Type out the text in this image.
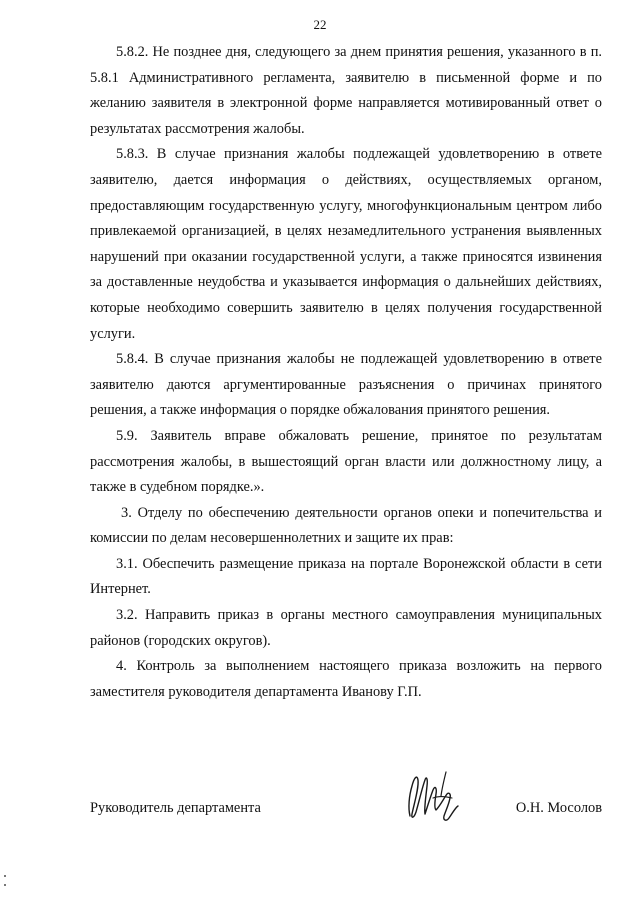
22

5.8.2. Не позднее дня, следующего за днем принятия решения, указанного в п. 5.8.1 Административного регламента, заявителю в письменной форме и по желанию заявителя в электронной форме направляется мотивированный ответ о результатах рассмотрения жалобы.

5.8.3. В случае признания жалобы подлежащей удовлетворению в ответе заявителю, дается информация о действиях, осуществляемых органом, предоставляющим государственную услугу, многофункциональным центром либо привлекаемой организацией, в целях незамедлительного устранения выявленных нарушений при оказании государственной услуги, а также приносятся извинения за доставленные неудобства и указывается информация о дальнейших действиях, которые необходимо совершить заявителю в целях получения государственной услуги.

5.8.4. В случае признания жалобы не подлежащей удовлетворению в ответе заявителю даются аргументированные разъяснения о причинах принятого решения, а также информация о порядке обжалования принятого решения.

5.9. Заявитель вправе обжаловать решение, принятое по результатам рассмотрения жалобы, в вышестоящий орган власти или должностному лицу, а также в судебном порядке.».

3. Отделу по обеспечению деятельности органов опеки и попечительства и комиссии по делам несовершеннолетних и защите их прав:

3.1. Обеспечить размещение приказа на портале Воронежской области в сети Интернет.

3.2. Направить приказ в органы местного самоуправления муниципальных районов (городских округов).

4. Контроль за выполнением настоящего приказа возложить на первого заместителя руководителя департамента Иванову Г.П.

Руководитель департамента	О.Н. Мосолов
